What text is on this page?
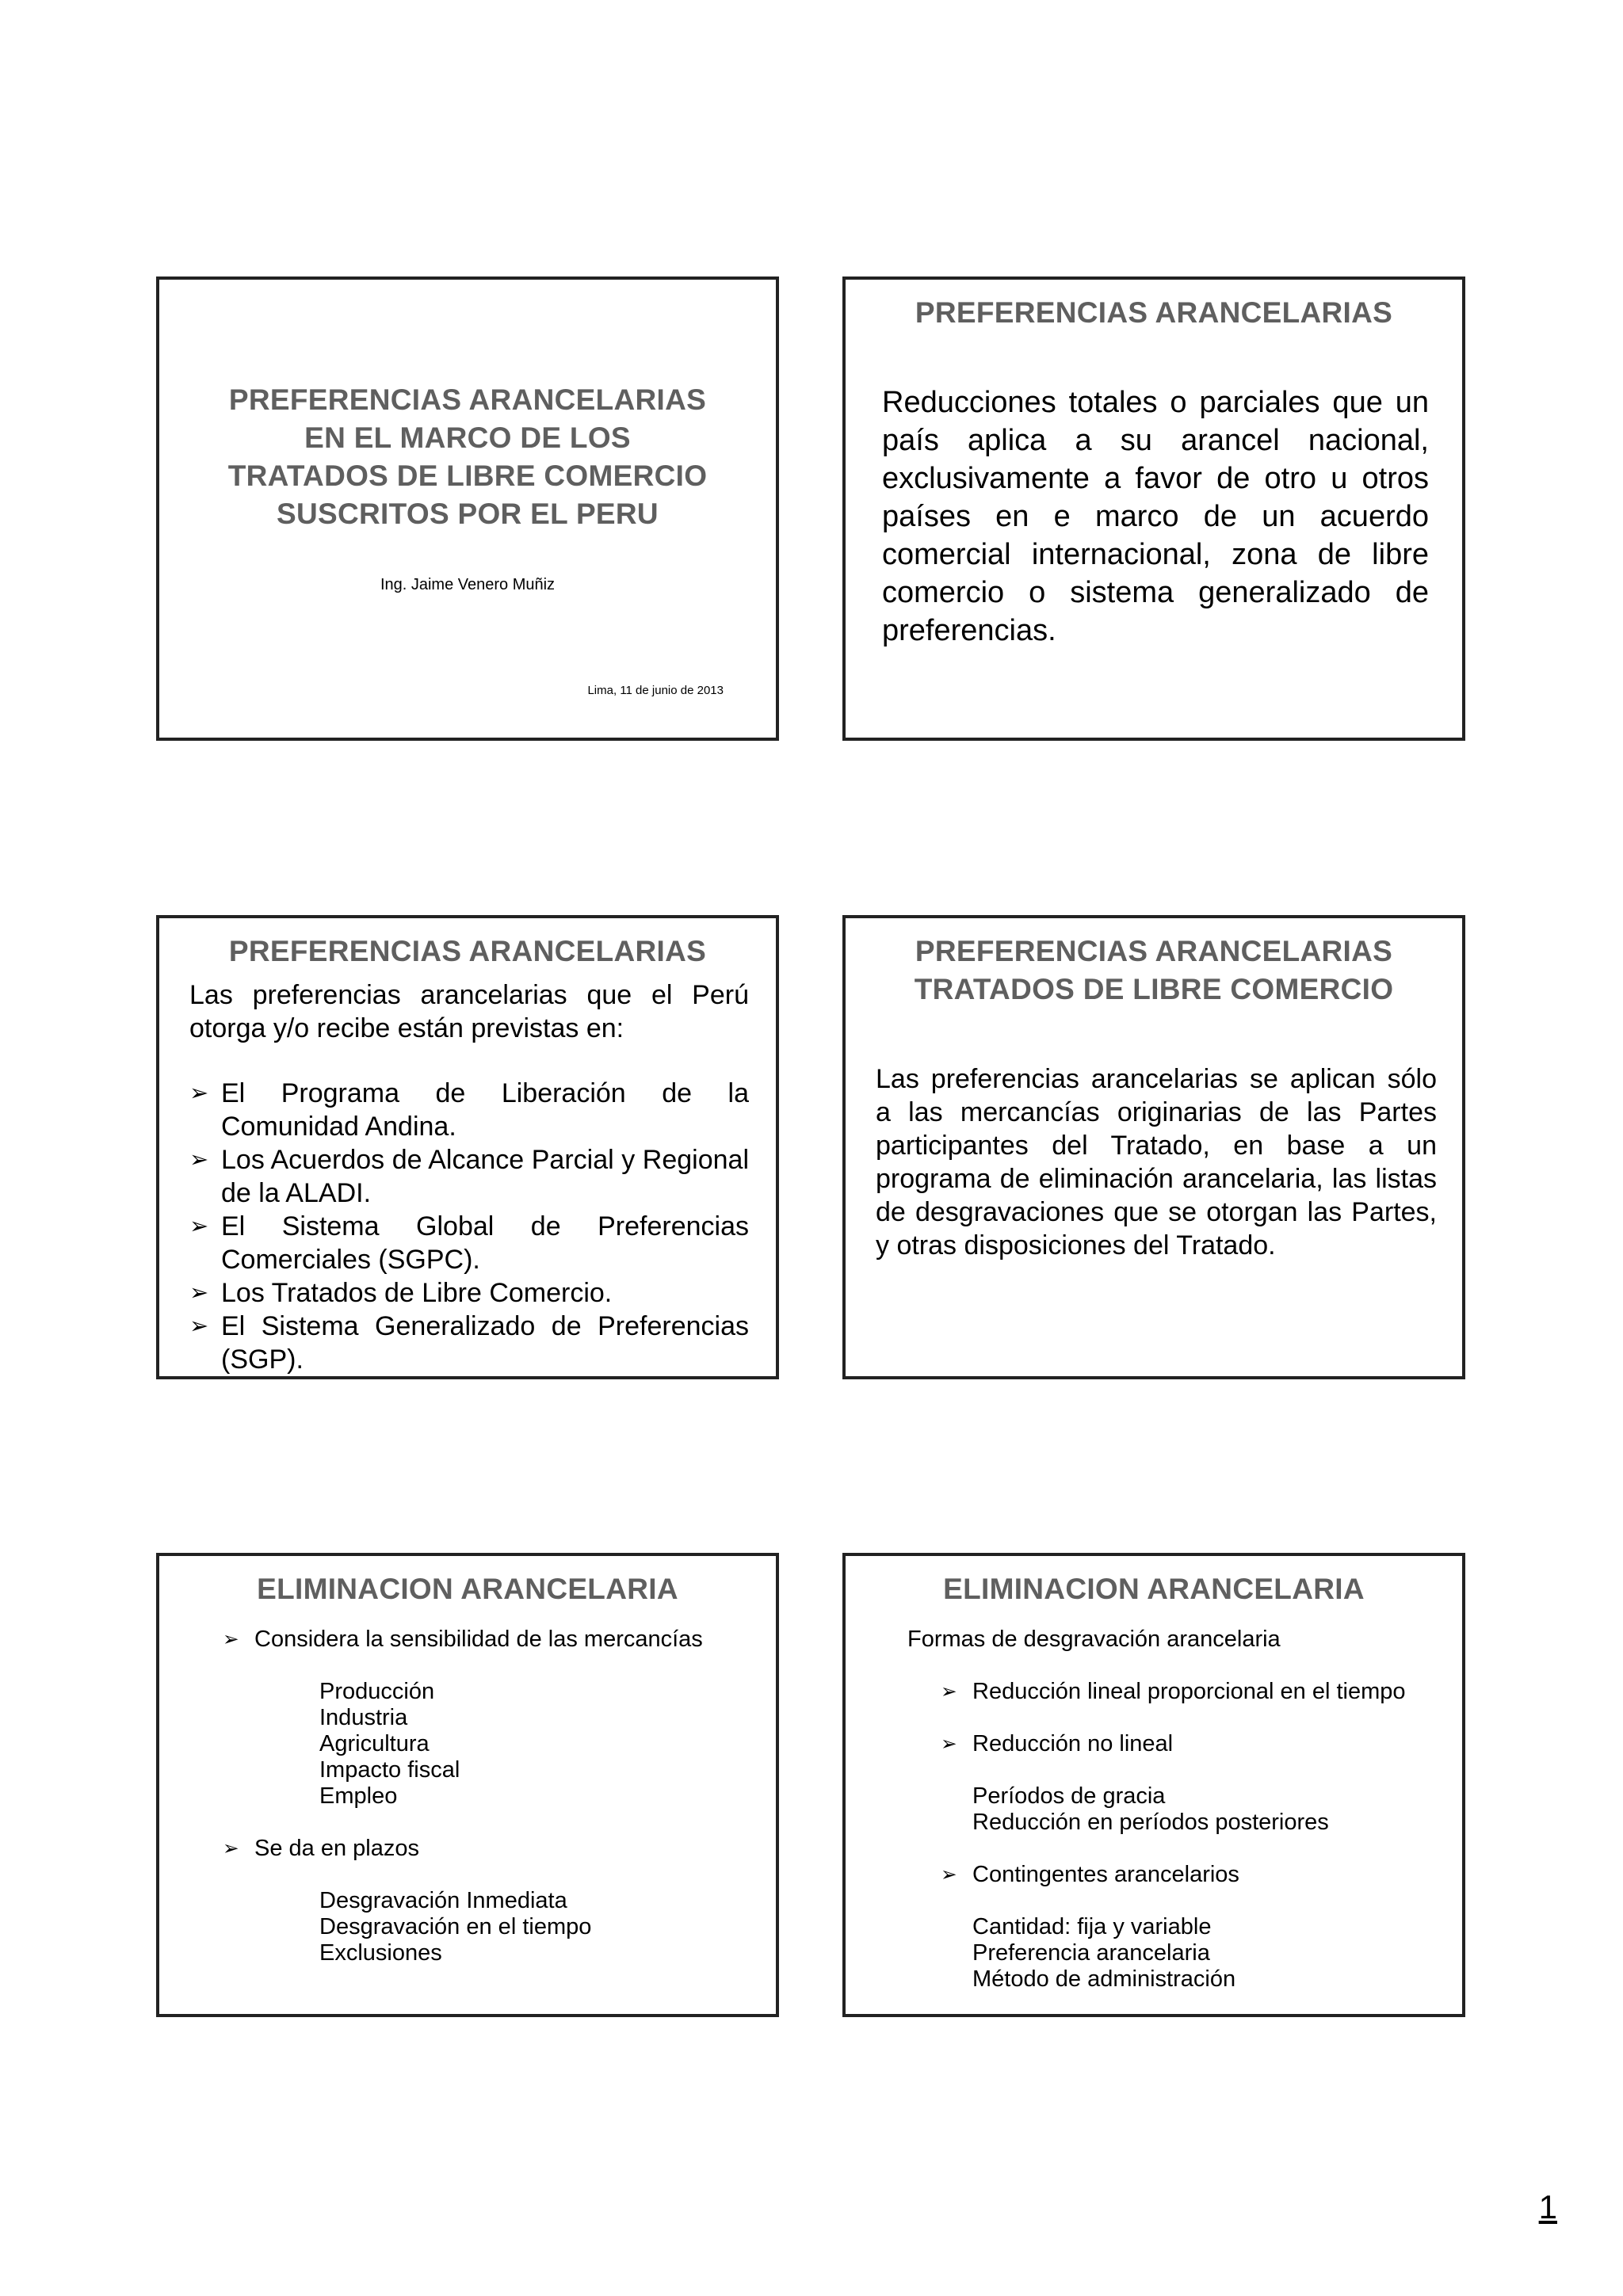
PREFERENCIAS ARANCELARIAS
EN EL MARCO DE LOS
TRATADOS DE LIBRE COMERCIO
SUSCRITOS POR EL PERU
Ing. Jaime Venero Muñiz
Lima, 11 de junio de 2013
PREFERENCIAS ARANCELARIAS
Reducciones totales o parciales que un país aplica a su arancel nacional, exclusivamente a favor de otro u otros países en e marco de un acuerdo comercial internacional, zona de libre comercio o sistema generalizado de preferencias.
PREFERENCIAS ARANCELARIAS
Las preferencias arancelarias que el Perú otorga y/o recibe están previstas en:
➢ El Programa de Liberación de la Comunidad Andina.
➢ Los Acuerdos de Alcance Parcial y Regional de la ALADI.
➢ El Sistema Global de Preferencias Comerciales (SGPC).
➢ Los Tratados de Libre Comercio.
➢ El Sistema Generalizado de Preferencias (SGP).
PREFERENCIAS ARANCELARIAS
TRATADOS DE LIBRE COMERCIO
Las preferencias arancelarias se aplican sólo a las mercancías originarias de las Partes participantes del Tratado, en base a un programa de eliminación arancelaria, las listas de desgravaciones que se otorgan las Partes, y otras disposiciones del Tratado.
ELIMINACION ARANCELARIA
➢ Considera la sensibilidad de las mercancías
Producción
Industria
Agricultura
Impacto fiscal
Empleo
➢ Se da en plazos
Desgravación Inmediata
Desgravación en el tiempo
Exclusiones
ELIMINACION ARANCELARIA
Formas de desgravación arancelaria
➢ Reducción lineal proporcional en el tiempo
➢ Reducción no lineal
Períodos de gracia
Reducción en períodos posteriores
➢ Contingentes arancelarios
Cantidad: fija y variable
Preferencia arancelaria
Método de administración
1
